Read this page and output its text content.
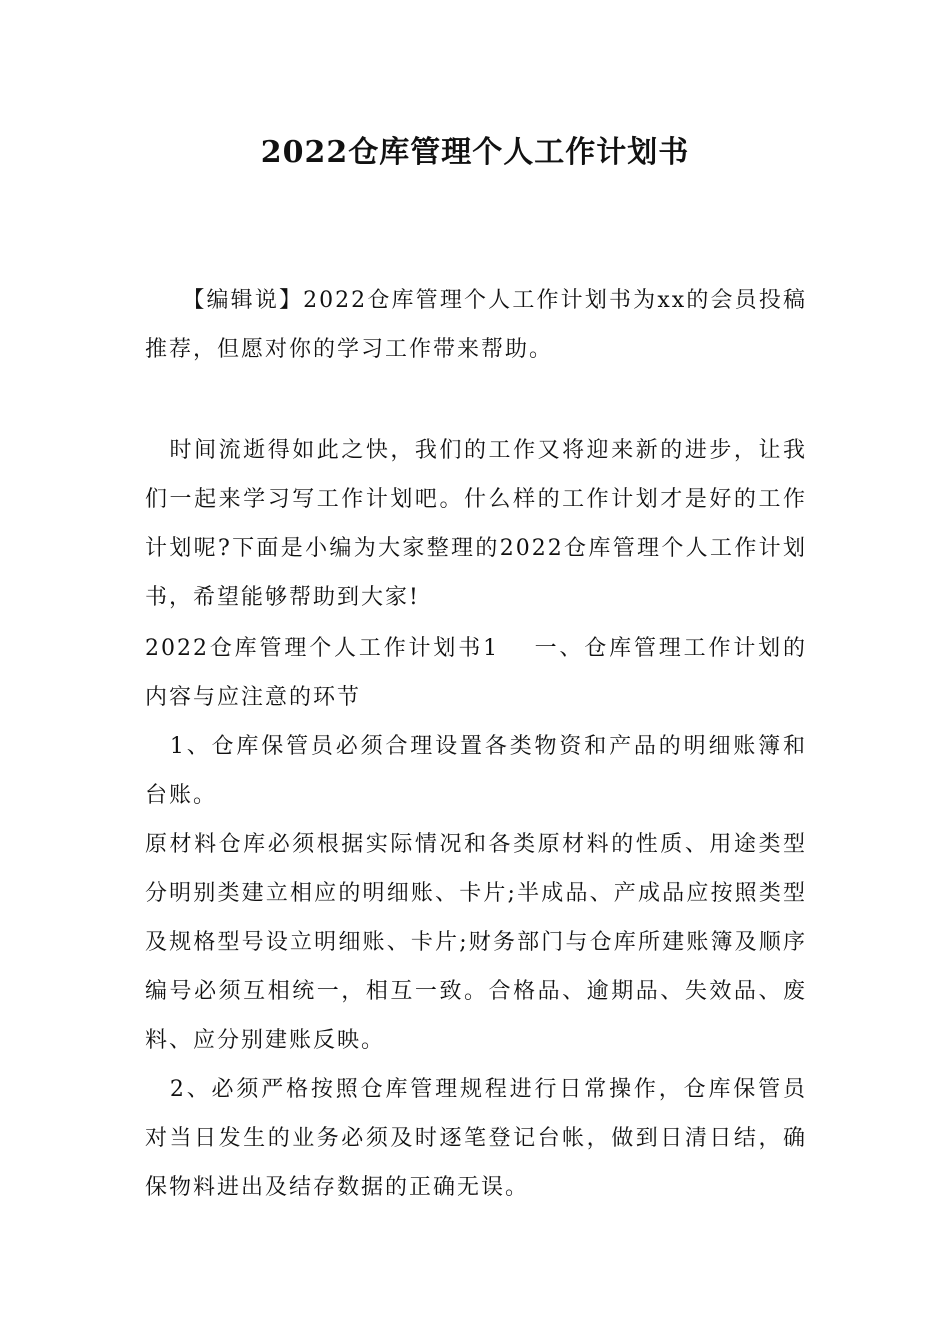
2022仓库管理个人工作计划书
　　【编辑说】2022仓库管理个人工作计划书为xx的会员投稿推荐，但愿对你的学习工作带来帮助。
　时间流逝得如此之快，我们的工作又将迎来新的进步，让我们一起来学习写工作计划吧。什么样的工作计划才是好的工作计划呢?下面是小编为大家整理的2022仓库管理个人工作计划书，希望能够帮助到大家!
2022仓库管理个人工作计划书1　 一、仓库管理工作计划的内容与应注意的环节
　1、仓库保管员必须合理设置各类物资和产品的明细账簿和台账。
原材料仓库必须根据实际情况和各类原材料的性质、用途类型分明别类建立相应的明细账、卡片;半成品、产成品应按照类型及规格型号设立明细账、卡片;财务部门与仓库所建账簿及顺序编号必须互相统一，相互一致。合格品、逾期品、失效品、废料、应分别建账反映。
　2、必须严格按照仓库管理规程进行日常操作，仓库保管员对当日发生的业务必须及时逐笔登记台帐，做到日清日结，确保物料进出及结存数据的正确无误。
